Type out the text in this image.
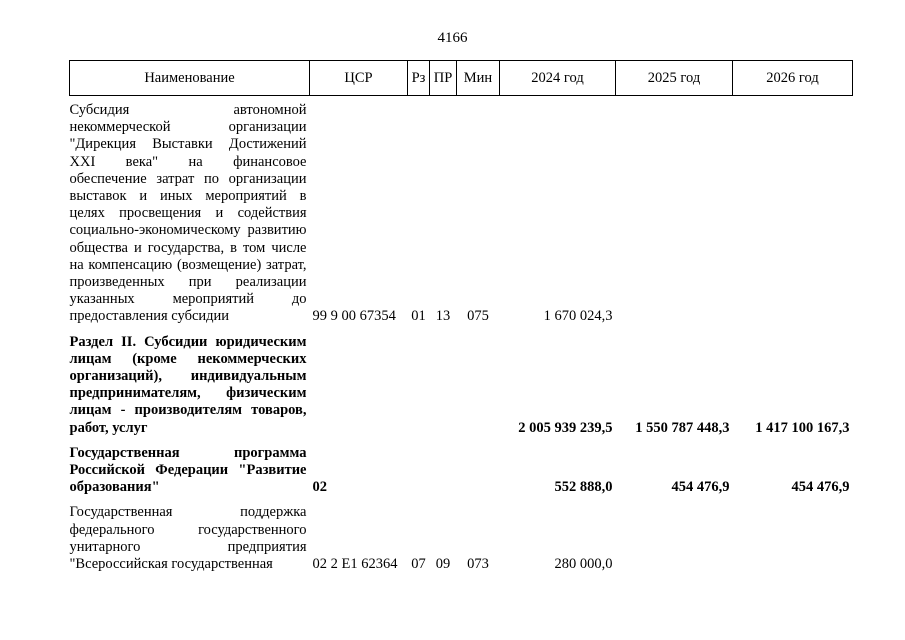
4166
Наименование	ЦСР	Рз	ПР	Мин	2024 год	2025 год	2026 год
Субсидия автономной некоммерческой организации "Дирекция Выставки Достижений XXI века" на финансовое обеспечение затрат по организации выставок и иных мероприятий в целях просвещения и содействия социально-экономическому развитию общества и государства, в том числе на компенсацию (возмещение) затрат, произведенных при реализации указанных мероприятий до предоставления субсидии	99 9 00 67354	01	13	075	1 670 024,3		
Раздел II. Субсидии юридическим лицам (кроме некоммерческих организаций), индивидуальным предпринимателям, физическим лицам - производителям товаров, работ, услуг					2 005 939 239,5	1 550 787 448,3	1 417 100 167,3
Государственная программа Российской Федерации "Развитие образования"	02				552 888,0	454 476,9	454 476,9
Государственная поддержка федерального государственного унитарного предприятия "Всероссийская государственная	02 2 E1 62364	07	09	073	280 000,0		
